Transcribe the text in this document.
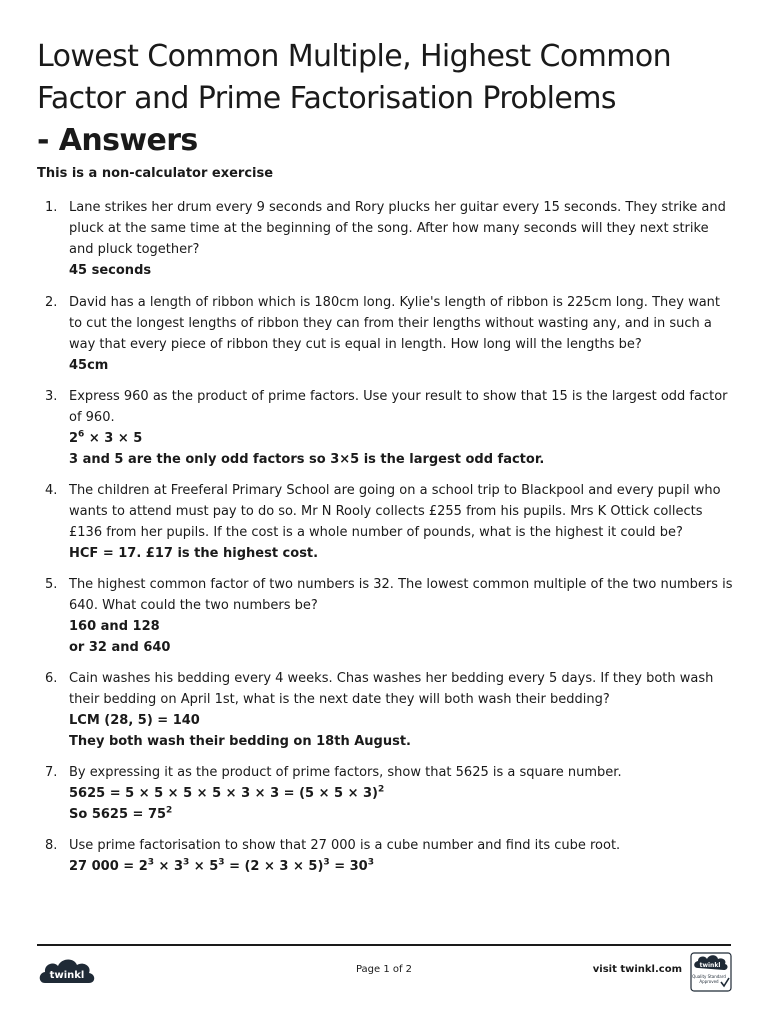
Lowest Common Multiple, Highest Common
Factor and Prime Factorisation Problems
- Answers

This is a non-calculator exercise

1. Lane strikes her drum every 9 seconds and Rory plucks her guitar every 15 seconds. They strike and pluck at the same time at the beginning of the song. After how many seconds will they next strike and pluck together?
45 seconds
2. David has a length of ribbon which is 180cm long. Kylie's length of ribbon is 225cm long. They want to cut the longest lengths of ribbon they can from their lengths without wasting any, and in such a way that every piece of ribbon they cut is equal in length. How long will the lengths be?
45cm
3. Express 960 as the product of prime factors. Use your result to show that 15 is the largest odd factor of 960.
$2^6 \times 3 \times 5$
3 and 5 are the only odd factors so 3×5 is the largest odd factor.
4. The children at Freeferal Primary School are going on a school trip to Blackpool and every pupil who wants to attend must pay to do so. Mr N Rooly collects £255 from his pupils. Mrs K Ottick collects £136 from her pupils. If the cost is a whole number of pounds, what is the highest it could be?
HCF = 17. £17 is the highest cost.
5. The highest common factor of two numbers is 32. The lowest common multiple of the two numbers is 640. What could the two numbers be?
160 and 128
or 32 and 640
6. Cain washes his bedding every 4 weeks. Chas washes her bedding every 5 days. If they both wash their bedding on April 1st, what is the next date they will both wash their bedding?
LCM (28, 5) = 140
They both wash their bedding on 18th August.
7. By expressing it as the product of prime factors, show that 5625 is a square number.
$5625 = 5 \times 5 \times 5 \times 5 \times 3 \times 3 = (5 \times 5 \times 3)^2$
So $5625 = 75^2$
8. Use prime factorisation to show that 27 000 is a cube number and find its cube root.
27 $000 = 2^3 \times 3^3 \times 5^3 = (2 \times 3 \times 5)^3 = 30^3$
twinkl
Page 1 of 2	visit twinkl.com	twinkl
Quality Standard
Approved
